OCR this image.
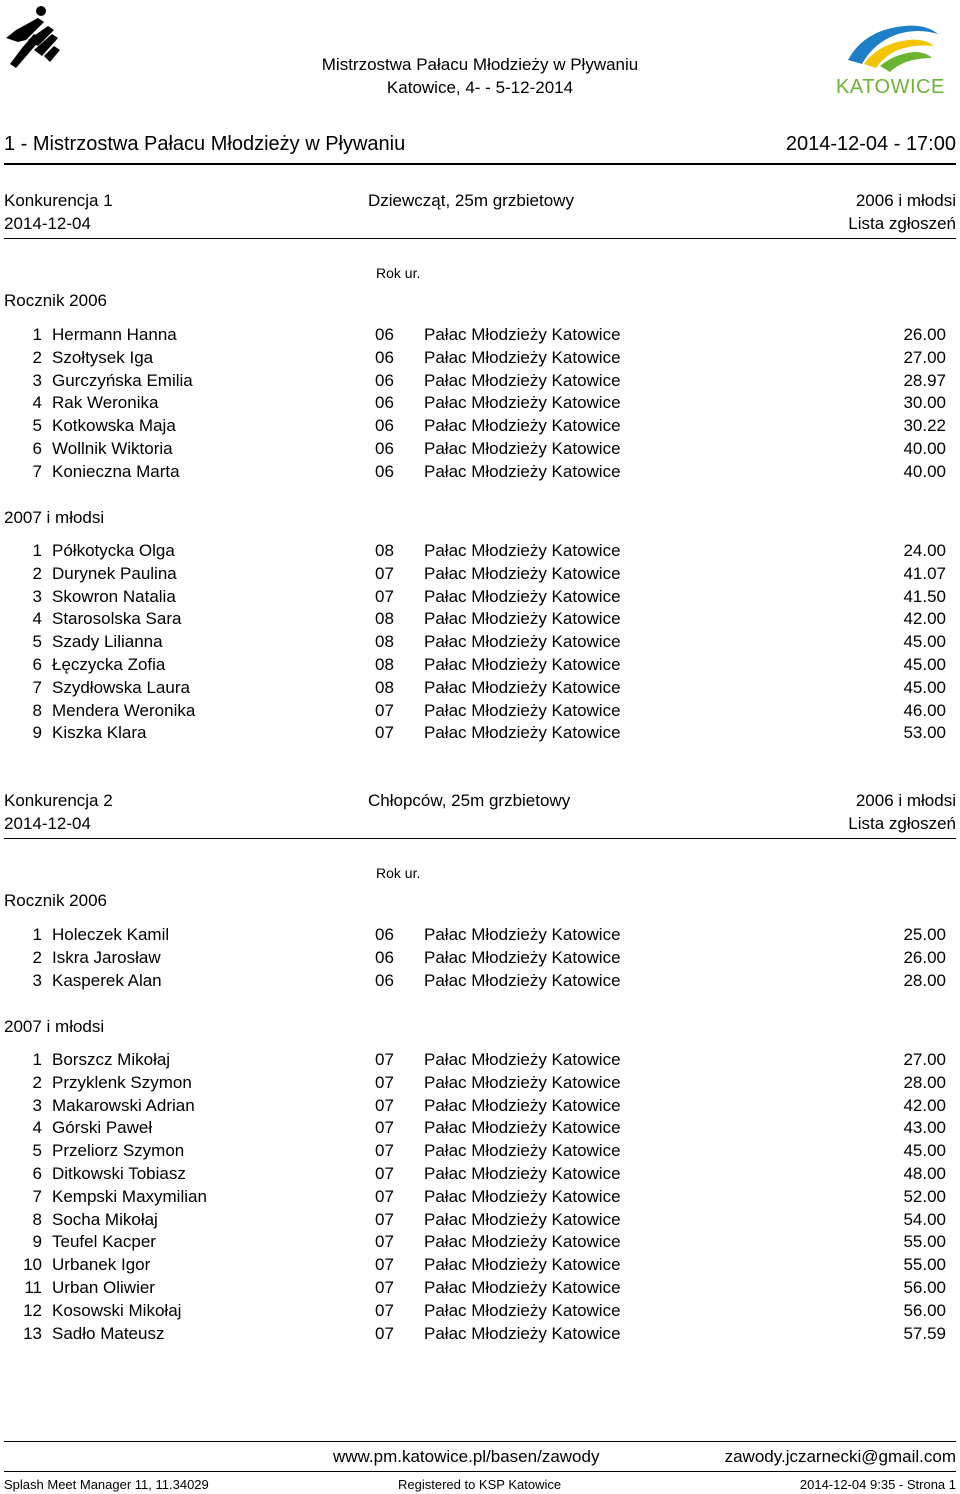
KATOWICE
Mistrzostwa Pałacu Młodzieży w Pływaniu
Katowice, 4- - 5-12-2014
1 - Mistrzostwa Pałacu Młodzieży w Pływaniu	2014-12-04 - 17:00
Konkurencja 1
2014-12-04
Dziewcząt, 25m grzbietowy	2006 i młodsi
Lista zgłoszeń
Rok ur.
Rocznik 2006
1 Hermann Hanna	06 Pałac Młodzieży Katowice	26.00
2 Szołtysek Iga	06 Pałac Młodzieży Katowice	27.00
3 Gurczyńska Emilia	06 Pałac Młodzieży Katowice	28.97
4 Rak Weronika	06 Pałac Młodzieży Katowice	30.00
5 Kotkowska Maja	06 Pałac Młodzieży Katowice	30.22
6 Wollnik Wiktoria	06 Pałac Młodzieży Katowice	40.00
7 Konieczna Marta	06 Pałac Młodzieży Katowice	40.00
2007 i młodsi
1 Półkotycka Olga	08 Pałac Młodzieży Katowice	24.00
2 Durynek Paulina	07 Pałac Młodzieży Katowice	41.07
3 Skowron Natalia	07 Pałac Młodzieży Katowice	41.50
4 Starosolska Sara	08 Pałac Młodzieży Katowice	42.00
5 Szady Lilianna	08 Pałac Młodzieży Katowice	45.00
6 Łęczycka Zofia	08 Pałac Młodzieży Katowice	45.00
7 Szydłowska Laura	08 Pałac Młodzieży Katowice	45.00
8 Mendera Weronika	07 Pałac Młodzieży Katowice	46.00
9 Kiszka Klara	07 Pałac Młodzieży Katowice	53.00
Konkurencja 2
2014-12-04
Chłopców, 25m grzbietowy	2006 i młodsi
Lista zgłoszeń
Rok ur.
Rocznik 2006
1 Holeczek Kamil	06 Pałac Młodzieży Katowice	25.00
2 Iskra Jarosław	06 Pałac Młodzieży Katowice	26.00
3 Kasperek Alan	06 Pałac Młodzieży Katowice	28.00
2007 i młodsi
1 Borszcz Mikołaj	07 Pałac Młodzieży Katowice	27.00
2 Przyklenk Szymon	07 Pałac Młodzieży Katowice	28.00
3 Makarowski Adrian	07 Pałac Młodzieży Katowice	42.00
4 Górski Paweł	07 Pałac Młodzieży Katowice	43.00
5 Przeliorz Szymon	07 Pałac Młodzieży Katowice	45.00
6 Ditkowski Tobiasz	07 Pałac Młodzieży Katowice	48.00
7 Kempski Maxymilian	07 Pałac Młodzieży Katowice	52.00
8 Socha Mikołaj	07 Pałac Młodzieży Katowice	54.00
9 Teufel Kacper	07 Pałac Młodzieży Katowice	55.00
10 Urbanek Igor	07 Pałac Młodzieży Katowice	55.00
11 Urban Oliwier	07 Pałac Młodzieży Katowice	56.00
12 Kosowski Mikołaj	07 Pałac Młodzieży Katowice	56.00
13 Sadło Mateusz	07 Pałac Młodzieży Katowice	57.59
www.pm.katowice.pl/basen/zawody	zawody.jczarnecki@gmail.com
Splash Meet Manager 11, 11.34029	Registered to KSP Katowice	2014-12-04 9:35 - Strona 1
